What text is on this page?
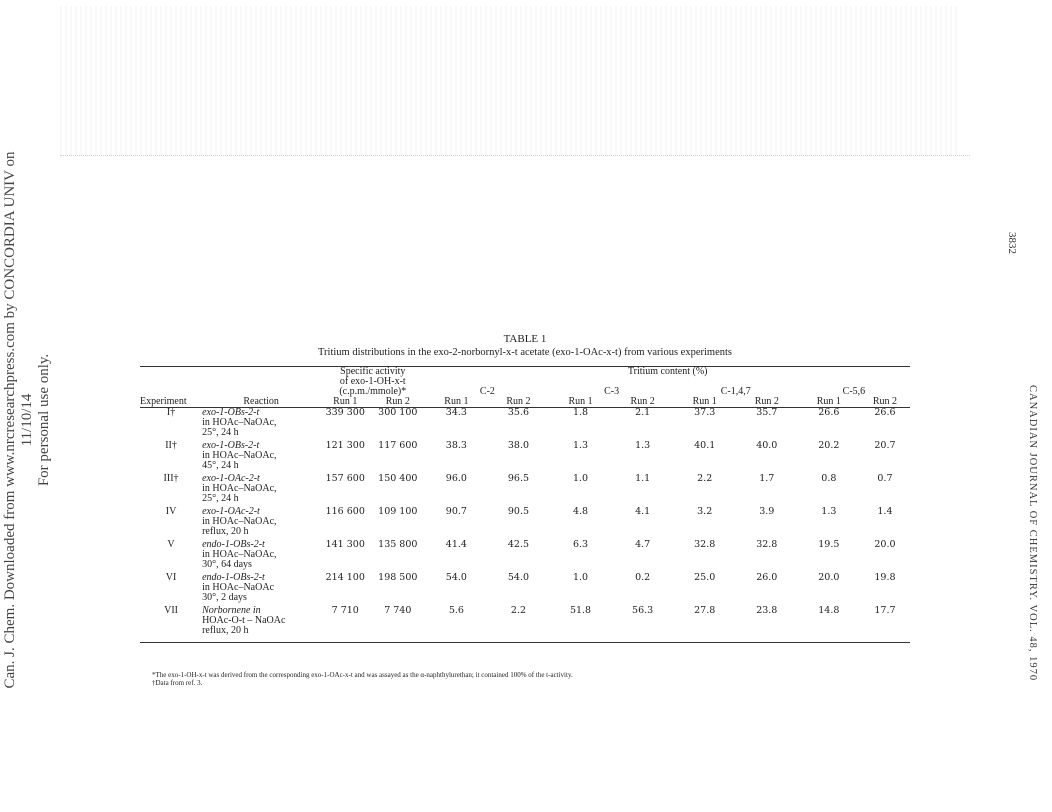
Can. J. Chem. Downloaded from www.nrcresearchpress.com by CONCORDIA UNIV on 11/10/14 For personal use only.	CANADIAN JOURNAL OF CHEMISTRY. VOL. 48, 1970
3832
TABLE 1
Tritium distributions in the exo-2-norbornyl-x-t acetate (exo-1-OAc-x-t) from various experiments

		Specific activity
of exo-1-OH-x-t
(c.p.m./mmole)*		Tritium content (%)							
				C-2		C-3		C-1,4,7		C-5,6	
Experiment	Reaction	Run 1	Run 2	Run 1	Run 2	Run 1	Run 2	Run 1	Run 2	Run 1	Run 2
I†	exo-1-OBs-2-t
in HOAc–NaOAc,
25°, 24 h	339 300	300 100	34.3	35.6	1.8	2.1	37.3	35.7	26.6	26.6
II†	exo-1-OBs-2-t
in HOAc–NaOAc,
45°, 24 h	121 300	117 600	38.3	38.0	1.3	1.3	40.1	40.0	20.2	20.7
III†	exo-1-OAc-2-t
in HOAc–NaOAc,
25°, 24 h	157 600	150 400	96.0	96.5	1.0	1.1	2.2	1.7	0.8	0.7
IV	exo-1-OAc-2-t
in HOAc–NaOAc,
reflux, 20 h	116 600	109 100	90.7	90.5	4.8	4.1	3.2	3.9	1.3	1.4
V	endo-1-OBs-2-t
in HOAc–NaOAc,
30°, 64 days	141 300	135 800	41.4	42.5	6.3	4.7	32.8	32.8	19.5	20.0
VI	endo-1-OBs-2-t
in HOAc–NaOAc
30°, 2 days	214 100	198 500	54.0	54.0	1.0	0.2	25.0	26.0	20.0	19.8
VII	Norbornene in
HOAc-O-t – NaOAc
reflux, 20 h	7 710	7 740	5.6	2.2	51.8	56.3	27.8	23.8	14.8	17.7
*The exo-1-OH-x-t was derived from the corresponding exo-1-OAc-x-t and was assayed as the α-naphthylurethan; it contained 100% of the t-activity.
†Data from ref. 3.
